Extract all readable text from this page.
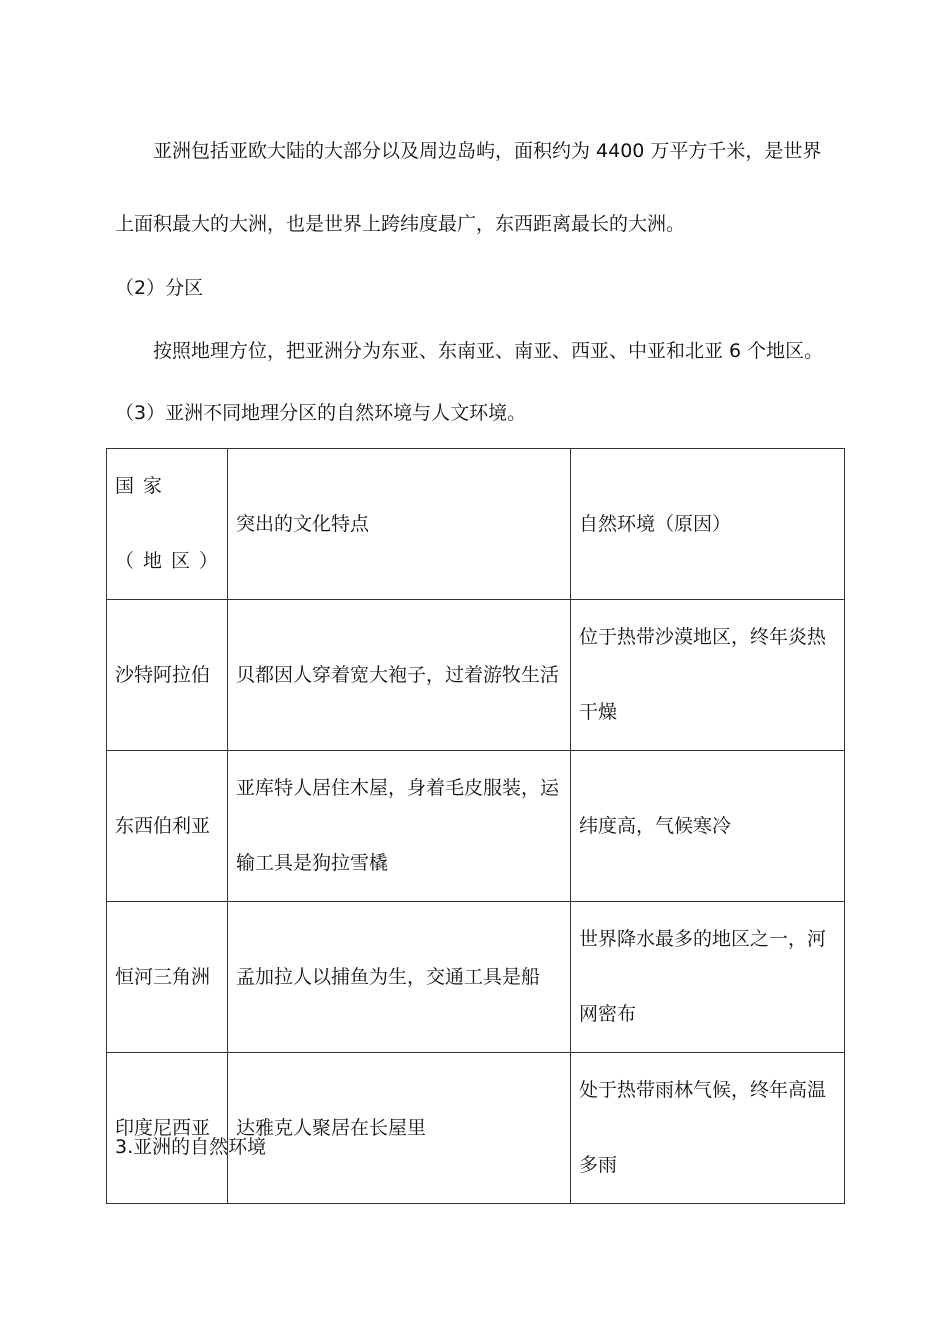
亚洲包括亚欧大陆的大部分以及周边岛屿，面积约为 4400 万平方千米，是世界
上面积最大的大洲，也是世界上跨纬度最广，东西距离最长的大洲。
（2）分区
按照地理方位，把亚洲分为东亚、东南亚、南亚、西亚、中亚和北亚 6 个地区。
（3）亚洲不同地理分区的自然环境与人文环境。
国家（地区）	突出的文化特点	自然环境（原因）
沙特阿拉伯	贝都因人穿着宽大袍子，过着游牧生活	位于热带沙漠地区，终年炎热干燥
东西伯利亚	亚库特人居住木屋，身着毛皮服装，运输工具是狗拉雪橇	纬度高，气候寒冷
恒河三角洲	孟加拉人以捕鱼为生，交通工具是船	世界降水最多的地区之一，河网密布
印度尼西亚	达雅克人聚居在长屋里	处于热带雨林气候，终年高温多雨
3.亚洲的自然环境
